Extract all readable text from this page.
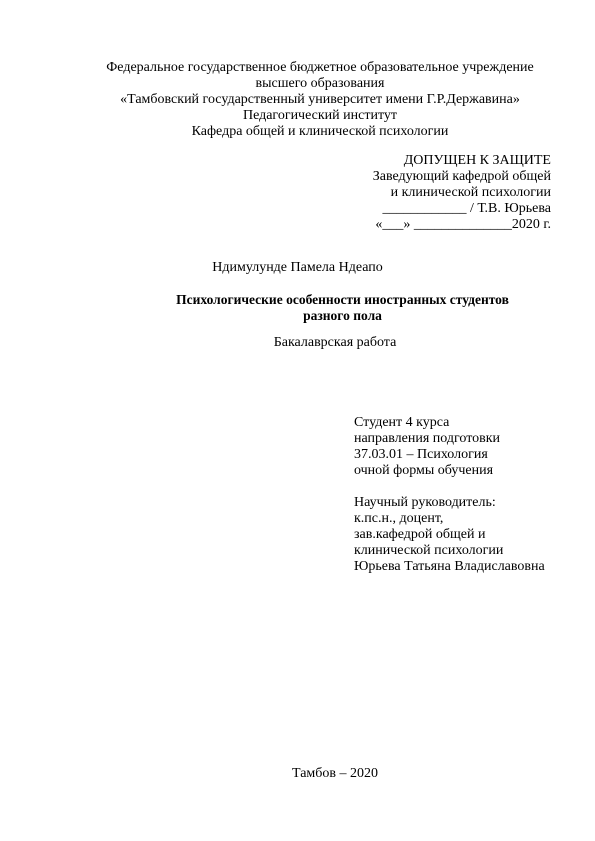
Федеральное государственное бюджетное образовательное учреждение
высшего образования
«Тамбовский государственный университет имени Г.Р.Державина»
Педагогический институт
Кафедра общей и клинической психологии
ДОПУЩЕН К ЗАЩИТЕ
Заведующий кафедрой общей
и клинической психологии
____________ / Т.В. Юрьева
«___» ______________2020 г.
Ндимулунде Памела Ндеапо
Психологические особенности иностранных студентов
разного пола
Бакалаврская работа
Студент 4 курса
направления подготовки
37.03.01 – Психология
очной формы обучения
Научный руководитель:
к.пс.н., доцент,
зав.кафедрой общей и
клинической психологии
Юрьева Татьяна Владиславовна
Тамбов – 2020
